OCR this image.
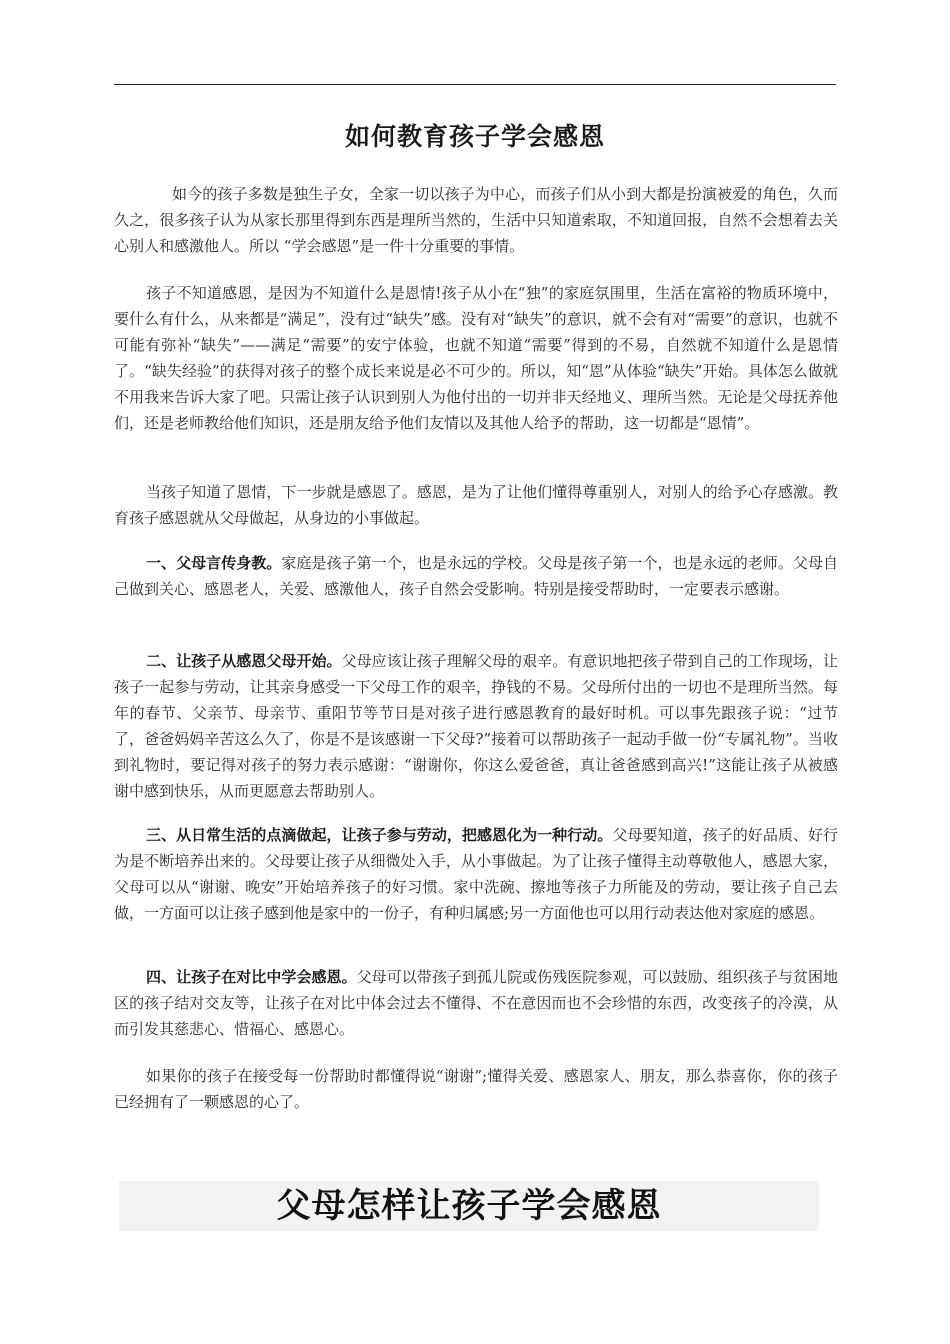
如何教育孩子学会感恩

如今的孩子多数是独生子女，全家一切以孩子为中心，而孩子们从小到大都是扮演被爱的角色，久而久之，很多孩子认为从家长那里得到东西是理所当然的，生活中只知道索取，不知道回报，自然不会想着去关心别人和感激他人。所以 “学会感恩”是一件十分重要的事情。

孩子不知道感恩，是因为不知道什么是恩情!孩子从小在“独”的家庭氛围里，生活在富裕的物质环境中，要什么有什么，从来都是“满足”，没有过“缺失”感。没有对“缺失”的意识，就不会有对“需要”的意识，也就不可能有弥补“缺失”——满足“需要”的安宁体验，也就不知道“需要”得到的不易，自然就不知道什么是恩情了。“缺失经验”的获得对孩子的整个成长来说是必不可少的。所以，知“恩”从体验“缺失”开始。具体怎么做就不用我来告诉大家了吧。只需让孩子认识到别人为他付出的一切并非天经地义、理所当然。无论是父母抚养他们，还是老师教给他们知识，还是朋友给予他们友情以及其他人给予的帮助，这一切都是“恩情”。

当孩子知道了恩情，下一步就是感恩了。感恩，是为了让他们懂得尊重别人，对别人的给予心存感激。教育孩子感恩就从父母做起，从身边的小事做起。

一、父母言传身教。家庭是孩子第一个，也是永远的学校。父母是孩子第一个，也是永远的老师。父母自己做到关心、感恩老人，关爱、感激他人，孩子自然会受影响。特别是接受帮助时，一定要表示感谢。

二、让孩子从感恩父母开始。父母应该让孩子理解父母的艰辛。有意识地把孩子带到自己的工作现场，让孩子一起参与劳动，让其亲身感受一下父母工作的艰辛，挣钱的不易。父母所付出的一切也不是理所当然。每年的春节、父亲节、母亲节、重阳节等节日是对孩子进行感恩教育的最好时机。可以事先跟孩子说：“过节了，爸爸妈妈辛苦这么久了，你是不是该感谢一下父母?”接着可以帮助孩子一起动手做一份“专属礼物”。当收到礼物时，要记得对孩子的努力表示感谢：“谢谢你，你这么爱爸爸，真让爸爸感到高兴!”这能让孩子从被感谢中感到快乐，从而更愿意去帮助别人。

三、从日常生活的点滴做起，让孩子参与劳动，把感恩化为一种行动。父母要知道，孩子的好品质、好行为是不断培养出来的。父母要让孩子从细微处入手，从小事做起。为了让孩子懂得主动尊敬他人，感恩大家，父母可以从“谢谢、晚安”开始培养孩子的好习惯。家中洗碗、擦地等孩子力所能及的劳动，要让孩子自己去做，一方面可以让孩子感到他是家中的一份子，有种归属感;另一方面他也可以用行动表达他对家庭的感恩。

四、让孩子在对比中学会感恩。父母可以带孩子到孤儿院或伤残医院参观，可以鼓励、组织孩子与贫困地区的孩子结对交友等，让孩子在对比中体会过去不懂得、不在意因而也不会珍惜的东西，改变孩子的冷漠，从而引发其慈悲心、惜福心、感恩心。

如果你的孩子在接受每一份帮助时都懂得说“谢谢”;懂得关爱、感恩家人、朋友，那么恭喜你，你的孩子已经拥有了一颗感恩的心了。

父母怎样让孩子学会感恩
